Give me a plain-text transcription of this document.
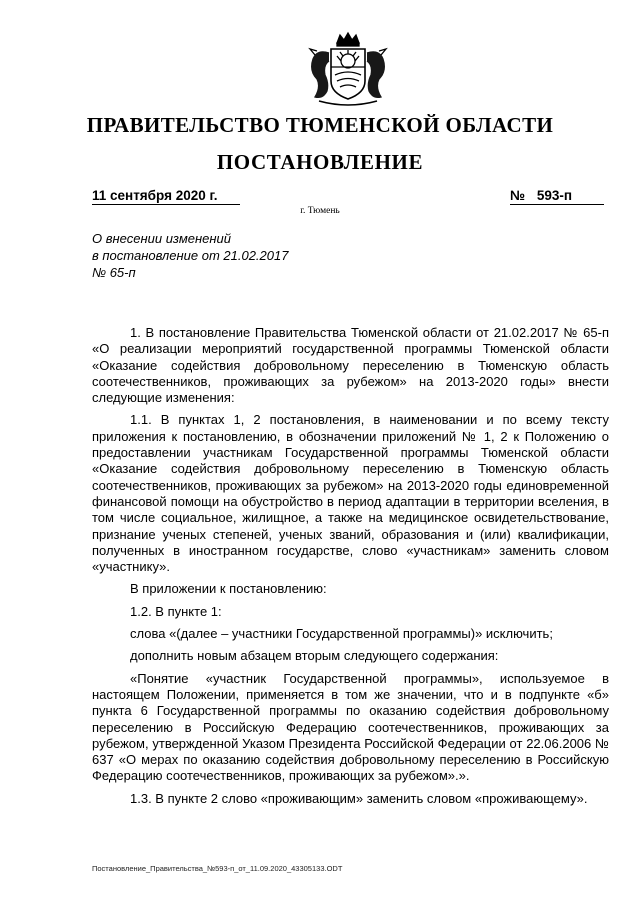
ПРАВИТЕЛЬСТВО ТЮМЕНСКОЙ ОБЛАСТИ
ПОСТАНОВЛЕНИЕ
11 сентября 2020 г.	№ 593-п
г. Тюмень
О внесении изменений
в постановление от 21.02.2017
№ 65-п

1. В постановление Правительства Тюменской области от 21.02.2017 № 65-п «О реализации мероприятий государственной программы Тюменской области «Оказание содействия добровольному переселению в Тюменскую область соотечественников, проживающих за рубежом» на 2013-2020 годы» внести следующие изменения:

1.1. В пунктах 1, 2 постановления, в наименовании и по всему тексту приложения к постановлению, в обозначении приложений № 1, 2 к Положению о предоставлении участникам Государственной программы Тюменской области «Оказание содействия добровольному переселению в Тюменскую область соотечественников, проживающих за рубежом» на 2013-2020 годы единовременной финансовой помощи на обустройство в период адаптации в территории вселения, в том числе социальное, жилищное, а также на медицинское освидетельствование, признание ученых степеней, ученых званий, образования и (или) квалификации, полученных в иностранном государстве, слово «участникам» заменить словом «участнику».

В приложении к постановлению:

1.2. В пункте 1:

слова «(далее – участники Государственной программы)» исключить;

дополнить новым абзацем вторым следующего содержания:

«Понятие «участник Государственной программы», используемое в настоящем Положении, применяется в том же значении, что и в подпункте «б» пункта 6 Государственной программы по оказанию содействия добровольному переселению в Российскую Федерацию соотечественников, проживающих за рубежом, утвержденной Указом Президента Российской Федерации от 22.06.2006 № 637 «О мерах по оказанию содействия добровольному переселению в Российскую Федерацию соотечественников, проживающих за рубежом».».

1.3. В пункте 2 слово «проживающим» заменить словом «проживающему».

Постановление_Правительства_№593-п_от_11.09.2020_43305133.ODT
